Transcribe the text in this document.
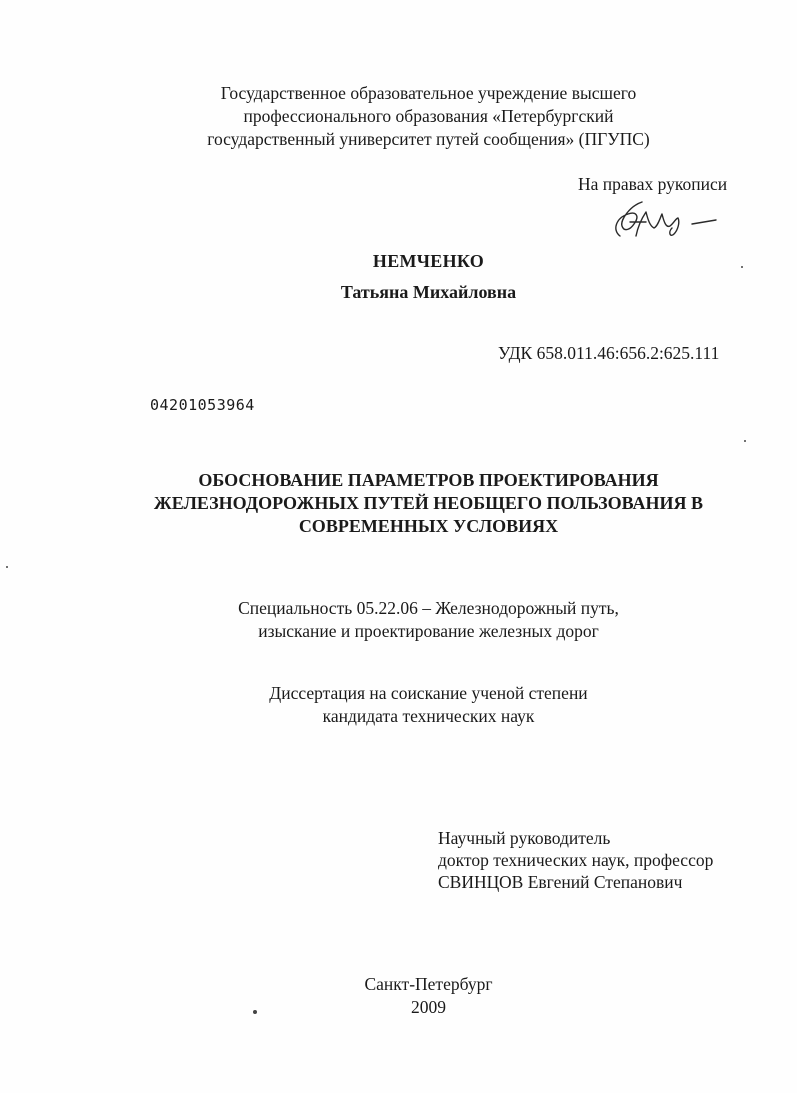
Государственное образовательное учреждение высшего
профессионального образования «Петербургский
государственный университет путей сообщения» (ПГУПС)
На правах рукописи
НЕМЧЕНКО
Татьяна Михайловна
УДК 658.011.46:656.2:625.111
04201053964
ОБОСНОВАНИЕ ПАРАМЕТРОВ ПРОЕКТИРОВАНИЯ
ЖЕЛЕЗНОДОРОЖНЫХ ПУТЕЙ НЕОБЩЕГО ПОЛЬЗОВАНИЯ В
СОВРЕМЕННЫХ УСЛОВИЯХ
Специальность 05.22.06 – Железнодорожный путь,
изыскание и проектирование железных дорог
Диссертация на соискание ученой степени
кандидата технических наук
Научный руководитель
доктор технических наук, профессор
СВИНЦОВ Евгений Степанович
Санкт-Петербург
2009
